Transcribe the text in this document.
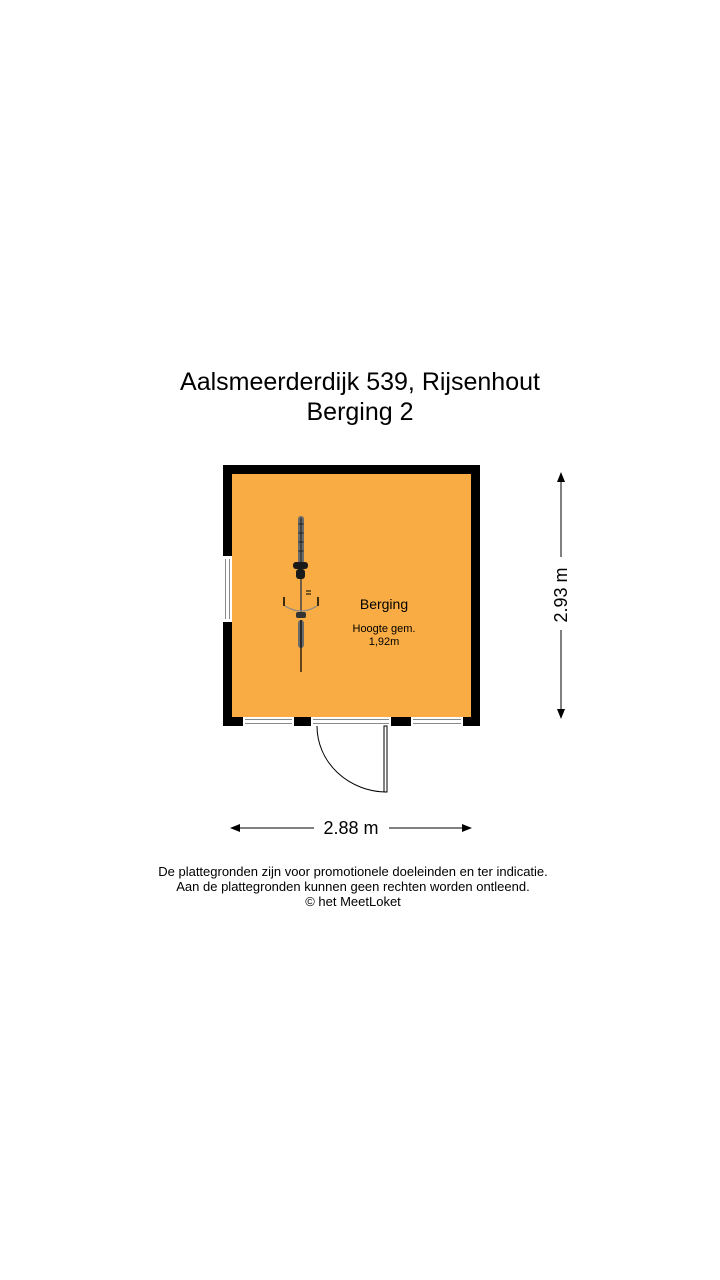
Aalsmeerderdijk 539, Rijsenhout
Berging 2
Berging
Hoogte gem.
1,92m
2.93 m
2.88 m
De plattegronden zijn voor promotionele doeleinden en ter indicatie.
Aan de plattegronden kunnen geen rechten worden ontleend.
© het MeetLoket
